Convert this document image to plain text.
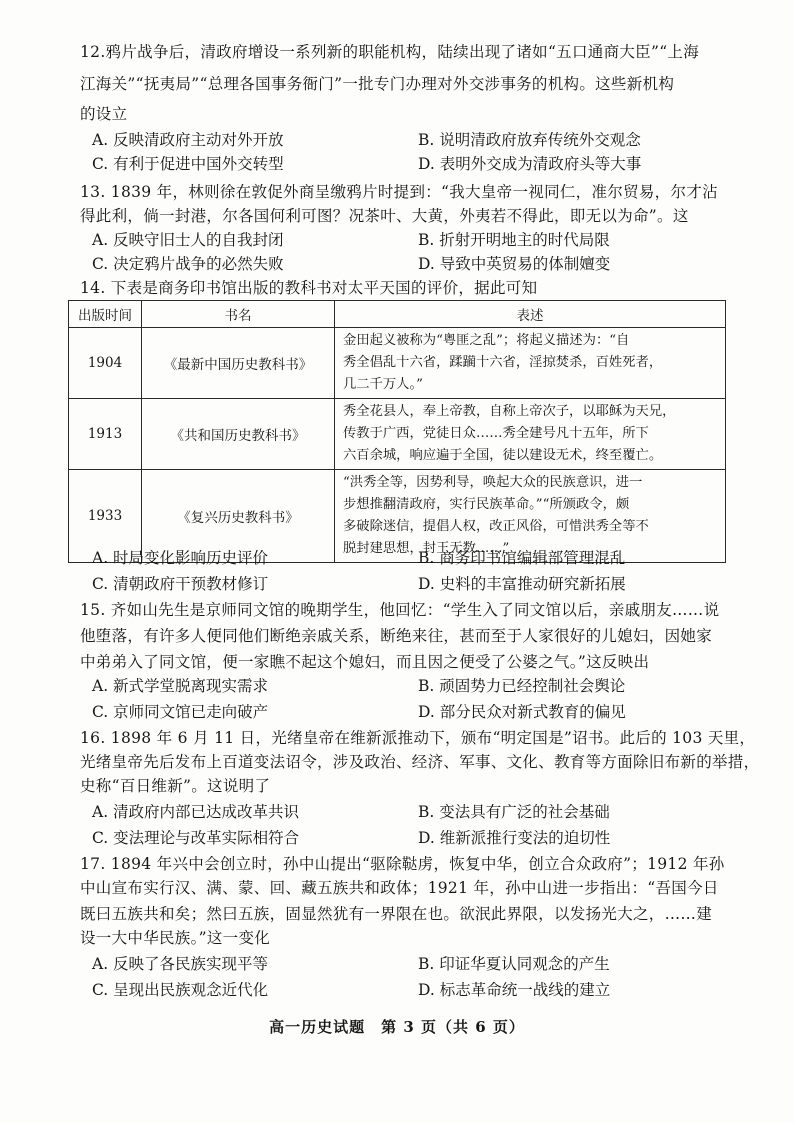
12.鸦片战争后，清政府增设一系列新的职能机构，陆续出现了诸如“五口通商大臣”“上海
江海关”“抚夷局”“总理各国事务衙门”一批专门办理对外交涉事务的机构。这些新机构
的设立
A. 反映清政府主动对外开放	B. 说明清政府放弃传统外交观念
C. 有利于促进中国外交转型	D. 表明外交成为清政府头等大事
13. 1839 年，林则徐在敦促外商呈缴鸦片时提到：“我大皇帝一视同仁，准尔贸易，尔才沾
得此利，倘一封港，尔各国何利可图？况茶叶、大黄，外夷若不得此，即无以为命”。这
A. 反映守旧士人的自我封闭	B. 折射开明地主的时代局限
C. 决定鸦片战争的必然失败	D. 导致中英贸易的体制嬗变
14. 下表是商务印书馆出版的教科书对太平天国的评价，据此可知
出版时间	书名	表述
1904	《最新中国历史教科书》	金田起义被称为“粤匪之乱”；将起义描述为：“自
秀全倡乱十六省，蹂躏十六省，淫掠焚杀，百姓死者，
几二千万人。”

1913	《共和国历史教科书》	秀全花县人，奉上帝教，自称上帝次子，以耶稣为天兄，
传教于广西，党徒日众……秀全建号凡十五年，所下
六百余城，响应遍于全国，徒以建设无术，终至覆亡。

1933	《复兴历史教科书》	“洪秀全等，因势利导，唤起大众的民族意识，进一
步想推翻清政府，实行民族革命。”“所颁政令，颇
多破除迷信，提倡人权，改正风俗，可惜洪秀全等不
脱封建思想，封王无数……”
A. 时局变化影响历史评价	B. 商务印书馆编辑部管理混乱
C. 清朝政府干预教材修订	D. 史料的丰富推动研究新拓展
15. 齐如山先生是京师同文馆的晚期学生，他回忆：“学生入了同文馆以后，亲戚朋友……说
他堕落，有许多人便同他们断绝亲戚关系，断绝来往，甚而至于人家很好的儿媳妇，因她家
中弟弟入了同文馆，便一家瞧不起这个媳妇，而且因之便受了公婆之气。”这反映出
A. 新式学堂脱离现实需求	B. 顽固势力已经控制社会舆论
C. 京师同文馆已走向破产	D. 部分民众对新式教育的偏见
16. 1898 年 6 月 11 日，光绪皇帝在维新派推动下，颁布“明定国是”诏书。此后的 103 天里，
光绪皇帝先后发布上百道变法诏令，涉及政治、经济、军事、文化、教育等方面除旧布新的举措，
史称“百日维新”。这说明了
A. 清政府内部已达成改革共识	B. 变法具有广泛的社会基础
C. 变法理论与改革实际相符合	D. 维新派推行变法的迫切性
17. 1894 年兴中会创立时，孙中山提出“驱除鞑虏，恢复中华，创立合众政府”；1912 年孙
中山宣布实行汉、满、蒙、回、藏五族共和政体；1921 年，孙中山进一步指出：“吾国今日
既曰五族共和矣；然曰五族，固显然犹有一界限在也。欲泯此界限，以发扬光大之，……建
设一大中华民族。”这一变化
A. 反映了各民族实现平等	B. 印证华夏认同观念的产生
C. 呈现出民族观念近代化	D. 标志革命统一战线的建立
高一历史试题　第 3 页（共 6 页）
